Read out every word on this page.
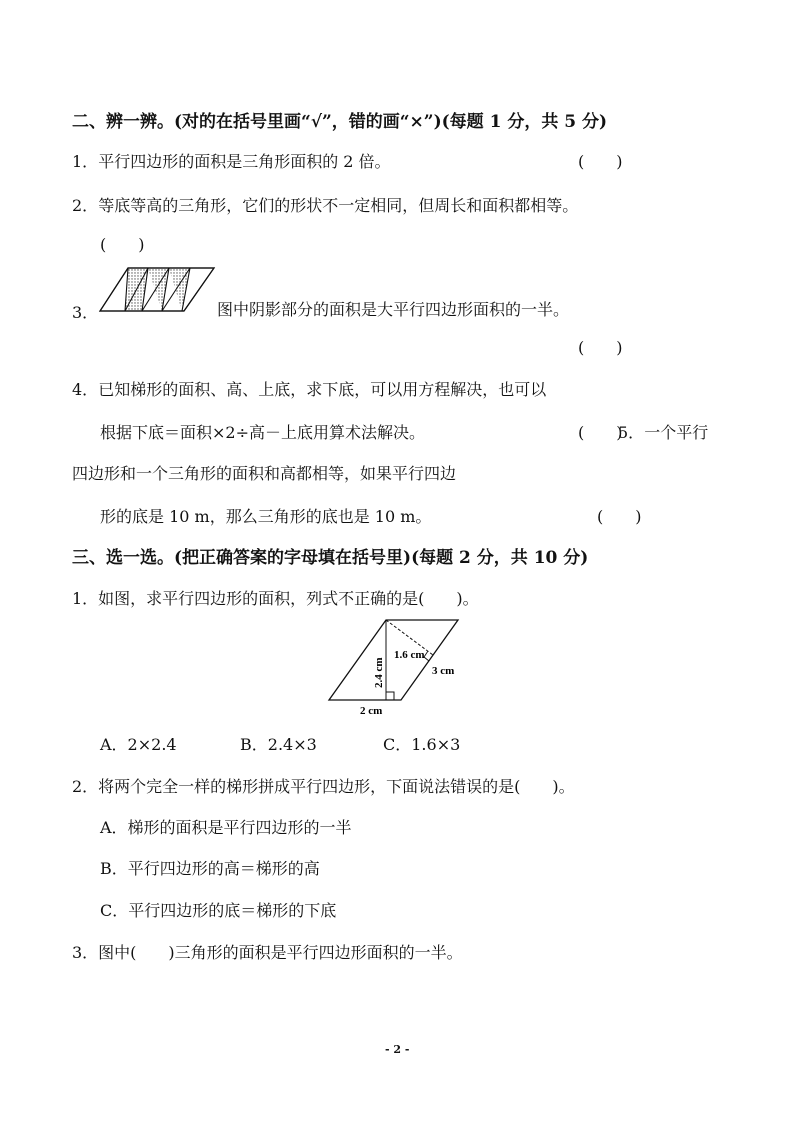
二、辨一辨。(对的在括号里画“√”，错的画“×”)(每题 1 分，共 5 分)
1．平行四边形的面积是三角形面积的 2 倍。	(　　)
2．等底等高的三角形，它们的形状不一定相同，但周长和面积都相等。
(　　)
3．	图中阴影部分的面积是大平行四边形面积的一半。
(　　)
4．已知梯形的面积、高、上底，求下底，可以用方程解决，也可以
根据下底＝面积×2÷高－上底用算术法解决。	(　　)
5．一个平行
四边形和一个三角形的面积和高都相等，如果平行四边
形的底是 10 m，那么三角形的底也是 10 m。	(　　)
三、选一选。(把正确答案的字母填在括号里)(每题 2 分，共 10 分)
1．如图，求平行四边形的面积，列式不正确的是(　　)。
2.4 cm
1.6 cm
3 cm
2 cm
A．2×2.4	B．2.4×3	C．1.6×3
2．将两个完全一样的梯形拼成平行四边形，下面说法错误的是(　　)。
A．梯形的面积是平行四边形的一半
B．平行四边形的高＝梯形的高
C．平行四边形的底＝梯形的下底
3．图中(　　)三角形的面积是平行四边形面积的一半。
- 2 -
